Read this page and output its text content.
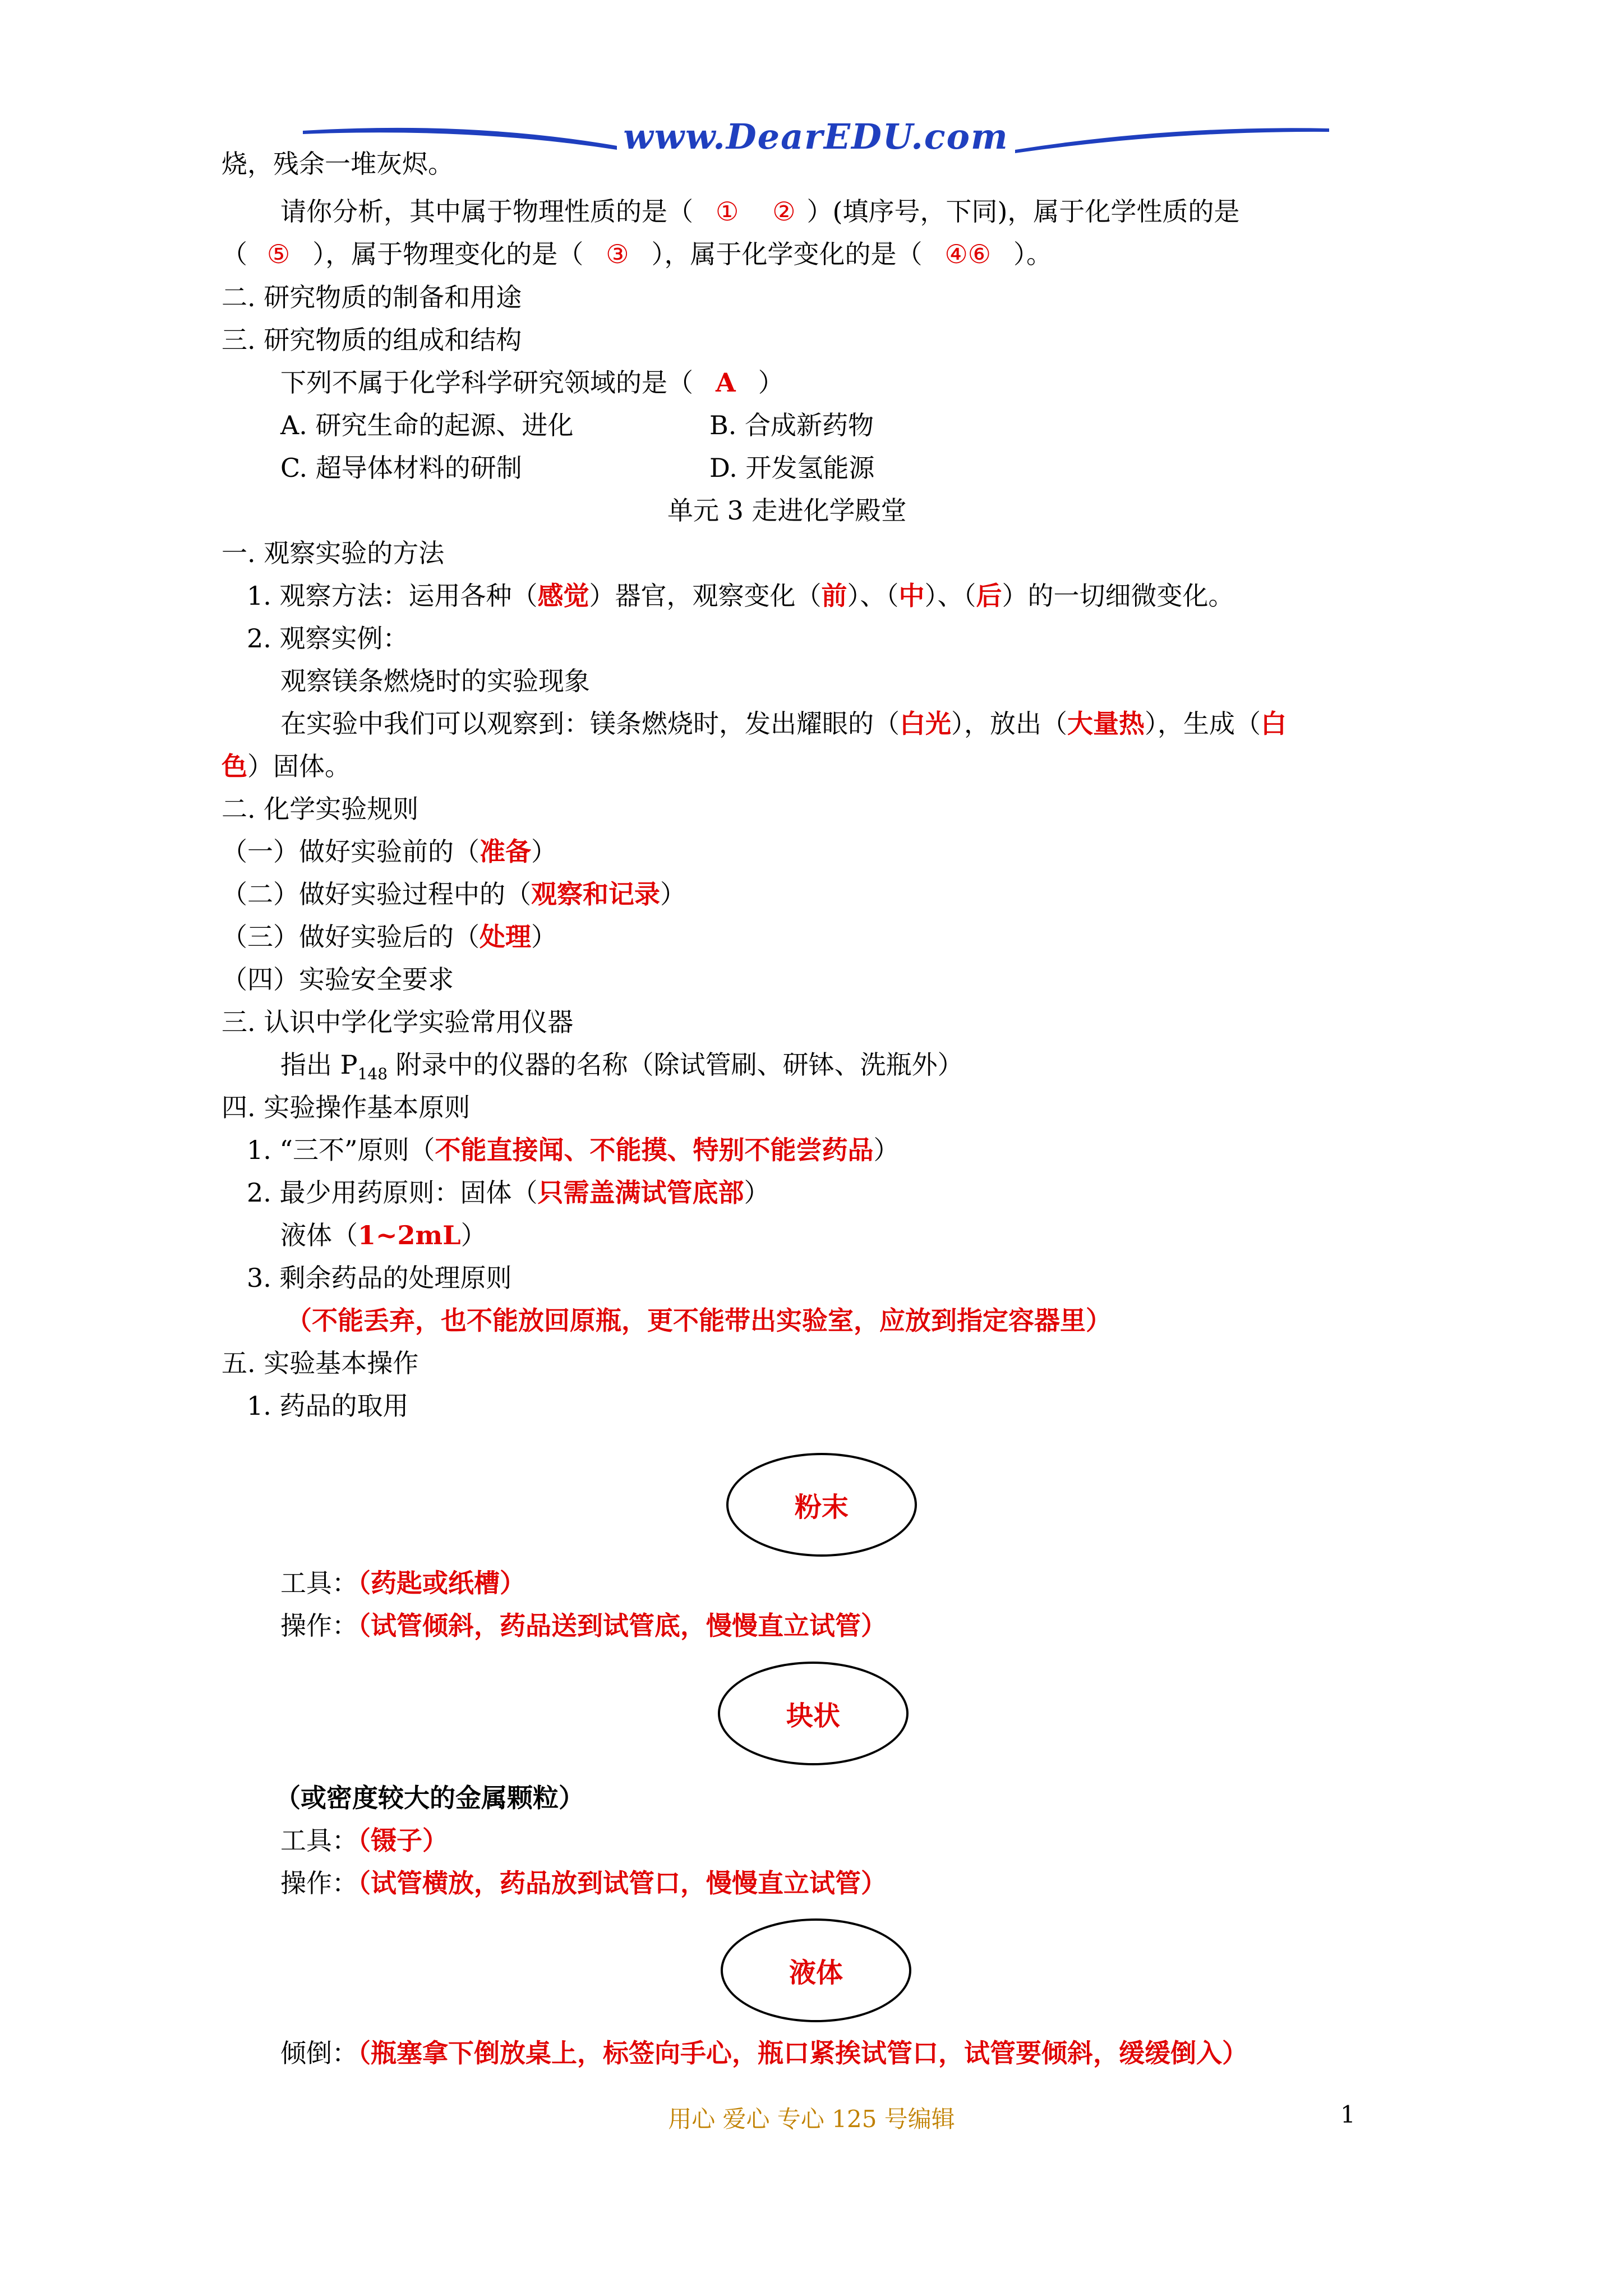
www.DearEDU.com
烧，残余一堆灰烬。
请你分析，其中属于物理性质的是（ ① ② ）(填序号，下同)，属于化学性质的是
（ ⑤ ），属于物理变化的是（ ③ ），属于化学变化的是（ ④⑥ ）。
二. 研究物质的制备和用途
三. 研究物质的组成和结构
下列不属于化学科学研究领域的是（ A ）
A. 研究生命的起源、进化	B. 合成新药物
C. 超导体材料的研制	D. 开发氢能源
单元 3 走进化学殿堂
一. 观察实验的方法
1. 观察方法：运用各种（感觉）器官，观察变化（前）、（中）、（后）的一切细微变化。
2. 观察实例：
观察镁条燃烧时的实验现象
在实验中我们可以观察到：镁条燃烧时，发出耀眼的（白光），放出（大量热），生成（白
色）固体。
二. 化学实验规则
（一）做好实验前的（准备）
（二）做好实验过程中的（观察和记录）
（三）做好实验后的（处理）
（四）实验安全要求
三. 认识中学化学实验常用仪器
指出 $P_{148}$ 附录中的仪器的名称（除试管刷、研钵、洗瓶外）
四. 实验操作基本原则
1. “三不”原则（不能直接闻、不能摸、特别不能尝药品）
2. 最少用药原则：固体（只需盖满试管底部）
液体（1~2mL）
3. 剩余药品的处理原则
（不能丢弃，也不能放回原瓶，更不能带出实验室，应放到指定容器里）
五. 实验基本操作
1. 药品的取用
粉末
工具：（药匙或纸槽）
操作：（试管倾斜，药品送到试管底，慢慢直立试管）
块状
（或密度较大的金属颗粒）
工具：（镊子）
操作：（试管横放，药品放到试管口，慢慢直立试管）
液体
倾倒：（瓶塞拿下倒放桌上，标签向手心，瓶口紧挨试管口，试管要倾斜，缓缓倒入）
用心 爱心 专心 125 号编辑	1
